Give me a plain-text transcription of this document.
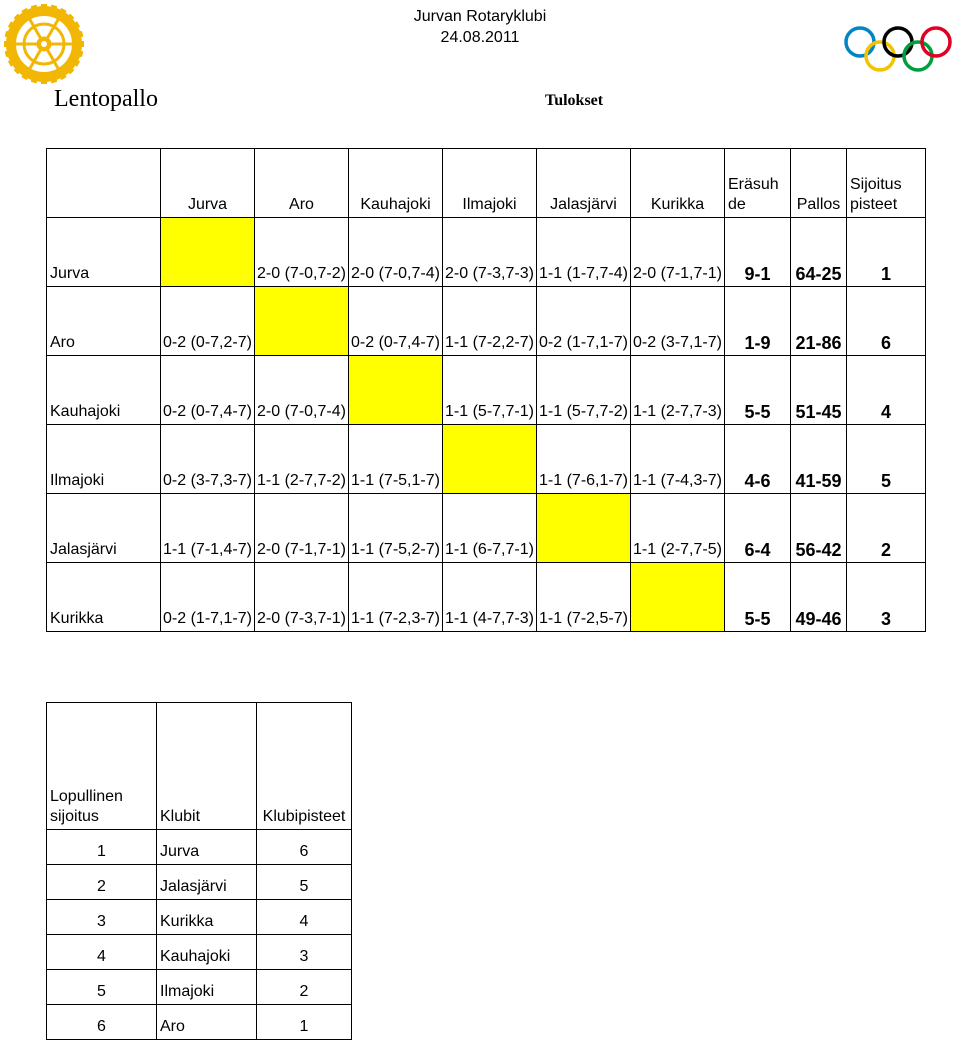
Jurvan Rotaryklubi
24.08.2011
Lentopallo	Tulokset
	Jurva	Aro	Kauhajoki	Ilmajoki	Jalasjärvi	Kurikka	Eräsuh de	Pallos	Sijoitus pisteet
Jurva		2-0 (7-0,7-2)	2-0 (7-0,7-4)	2-0 (7-3,7-3)	1-1 (1-7,7-4)	2-0 (7-1,7-1)	9-1	64-25	1
Aro	0-2 (0-7,2-7)		0-2 (0-7,4-7)	1-1 (7-2,2-7)	0-2 (1-7,1-7)	0-2 (3-7,1-7)	1-9	21-86	6
Kauhajoki	0-2 (0-7,4-7)	2-0 (7-0,7-4)		1-1 (5-7,7-1)	1-1 (5-7,7-2)	1-1 (2-7,7-3)	5-5	51-45	4
Ilmajoki	0-2 (3-7,3-7)	1-1 (2-7,7-2)	1-1 (7-5,1-7)		1-1 (7-6,1-7)	1-1 (7-4,3-7)	4-6	41-59	5
Jalasjärvi	1-1 (7-1,4-7)	2-0 (7-1,7-1)	1-1 (7-5,2-7)	1-1 (6-7,7-1)		1-1 (2-7,7-5)	6-4	56-42	2
Kurikka	0-2 (1-7,1-7)	2-0 (7-3,7-1)	1-1 (7-2,3-7)	1-1 (4-7,7-3)	1-1 (7-2,5-7)		5-5	49-46	3
Lopullinen sijoitus	Klubit	Klubipisteet
1	Jurva	6
2	Jalasjärvi	5
3	Kurikka	4
4	Kauhajoki	3
5	Ilmajoki	2
6	Aro	1
